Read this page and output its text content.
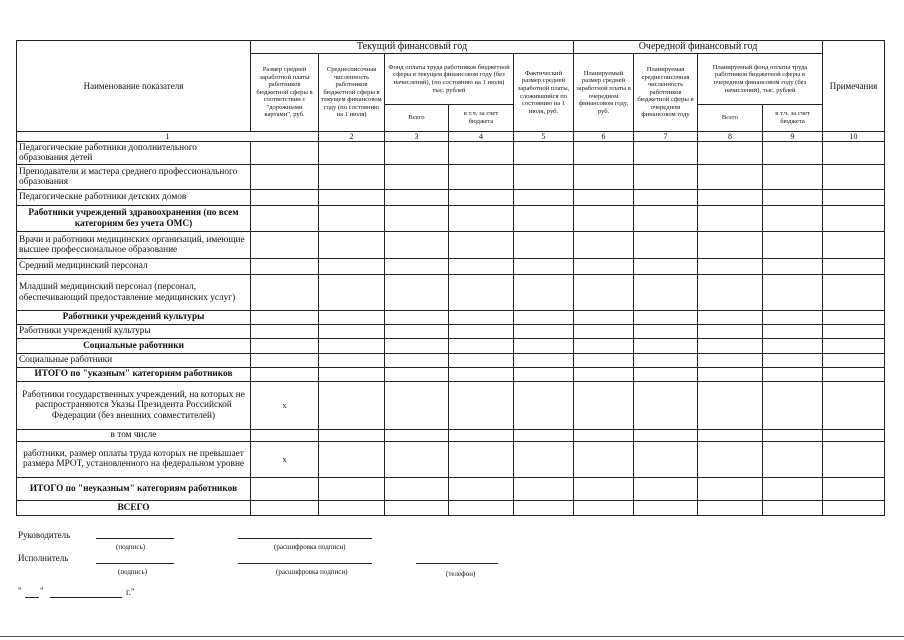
Наименование показателя	Текущий финансовый год					Очередной финансовый год				Примечания
	Размер средней заработной платы работников бюджетной сферы в соответствии с "дорожными картами", руб.	Среднесписочная численность работников бюджетной сферы в текущем финансовом году (по состоянию на 1 июля)	Фонд оплаты труда работников бюджетной сферы в текущем финансовом году (без начислений), (по состоянию на 1 июля) тыс. рублей		Фактический размер средней заработной платы, сложившийся по состоянию на 1 июля, руб.	Планируемый размер средней заработной платы в очередном финансовом году, руб.	Планируемая среднесписочная численность работников бюджетной сферы в очередном финансовом году	Планируемый фонд оплаты труда работников бюджетной сферы в очередном финансовом году (без начислений), тыс. рублей		
			Всего	в т.ч. за счет бюджета				Всего	в т.ч. за счет бюджета	
1		2	3	4	5	6	7	8	9	10
Педагогические работники дополнительного образования детей										
Преподаватели и мастера среднего профессионального образования										
Педагогические работники детских домов										
Работники учреждений здравоохранения (по всем категориям без учета ОМС)										
Врачи и работники медицинских организаций, имеющие высшее профессиональное образование										
Средний медицинский персонал										
Младший медицинский персонал (персонал, обеспечивающий предоставление медицинских услуг)										
Работники учреждений культуры										
Работники учреждений культуры										
Социальные работники										
Социальные работники										
ИТОГО по "указным" категориям работников										
Работники государственных учреждений, на которых не распространяются Указы Президента Российской Федерации (без внешних совместителей)	x									
в том числе										
работники, размер оплаты труда которых не превышает размера МРОТ, установленного на федеральном уровне	x									
ИТОГО по "неуказным" категориям работников										
ВСЕГО										
Руководитель
(подпись)	(расшифровка подписи)
Исполнитель
(подпись)	(расшифровка подписи)	(телефон)
" "	г."
